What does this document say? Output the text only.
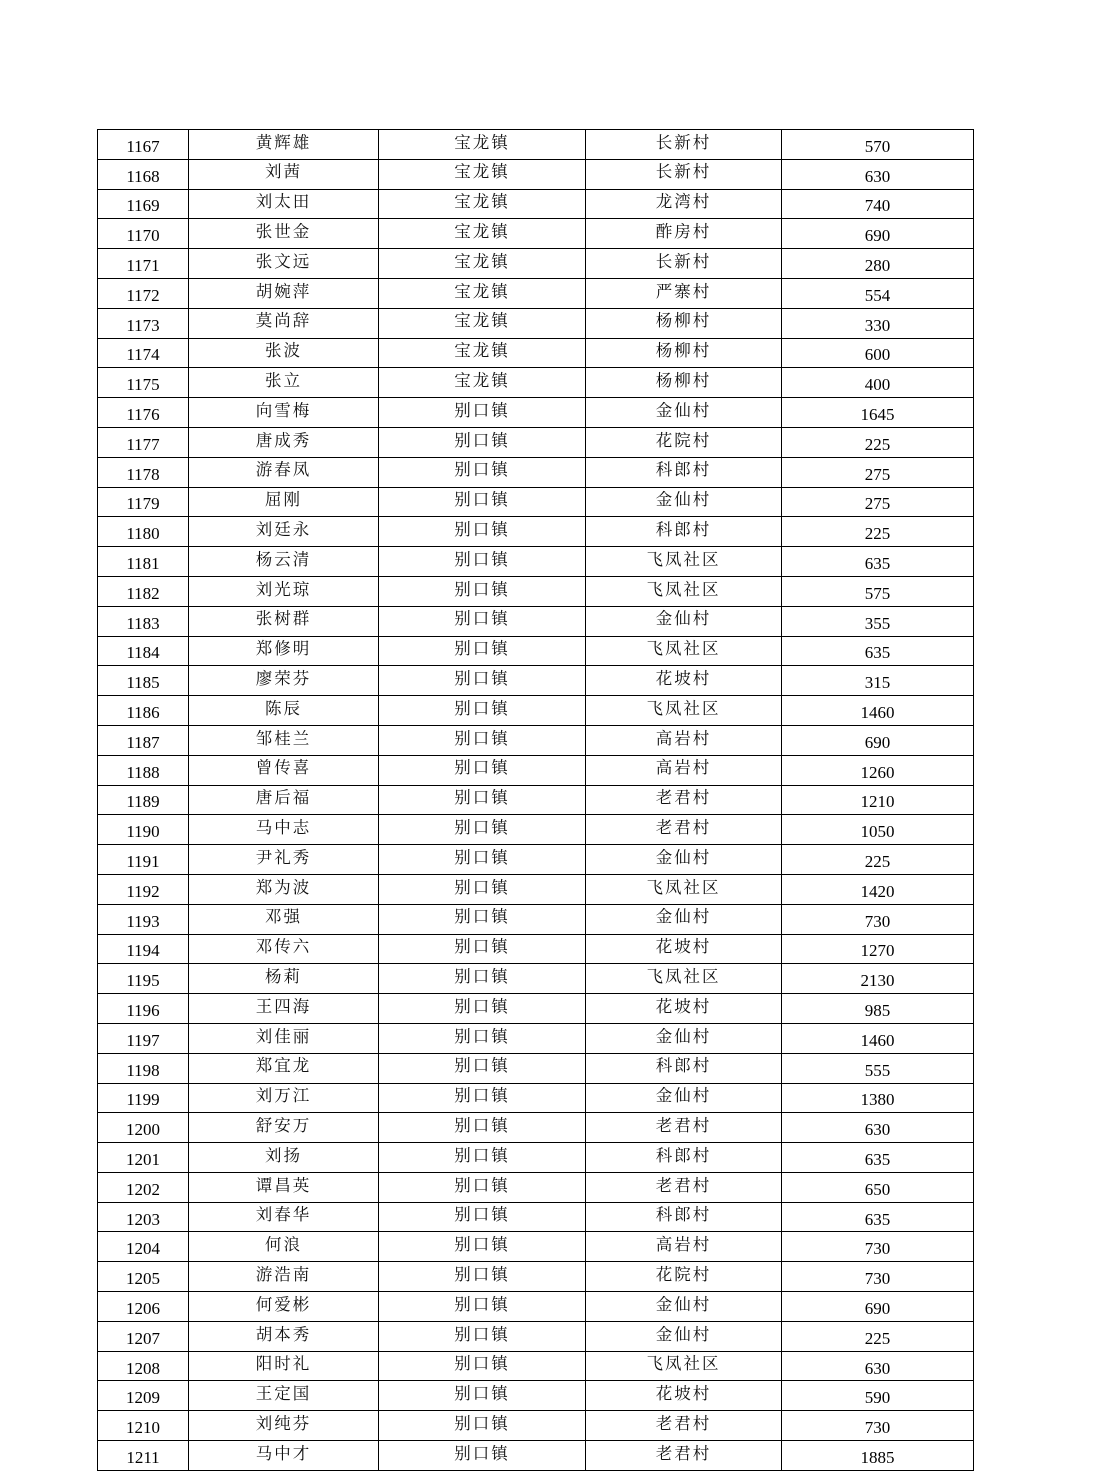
1167	黄辉雄	宝龙镇	长新村	570
1168	刘茜	宝龙镇	长新村	630
1169	刘太田	宝龙镇	龙湾村	740
1170	张世金	宝龙镇	酢房村	690
1171	张文远	宝龙镇	长新村	280
1172	胡婉萍	宝龙镇	严寨村	554
1173	莫尚辞	宝龙镇	杨柳村	330
1174	张波	宝龙镇	杨柳村	600
1175	张立	宝龙镇	杨柳村	400
1176	向雪梅	别口镇	金仙村	1645
1177	唐成秀	别口镇	花院村	225
1178	游春凤	别口镇	科郎村	275
1179	屈刚	别口镇	金仙村	275
1180	刘廷永	别口镇	科郎村	225
1181	杨云清	别口镇	飞凤社区	635
1182	刘光琼	别口镇	飞凤社区	575
1183	张树群	别口镇	金仙村	355
1184	郑修明	别口镇	飞凤社区	635
1185	廖荣芬	别口镇	花坡村	315
1186	陈辰	别口镇	飞凤社区	1460
1187	邹桂兰	别口镇	高岩村	690
1188	曾传喜	别口镇	高岩村	1260
1189	唐后福	别口镇	老君村	1210
1190	马中志	别口镇	老君村	1050
1191	尹礼秀	别口镇	金仙村	225
1192	郑为波	别口镇	飞凤社区	1420
1193	邓强	别口镇	金仙村	730
1194	邓传六	别口镇	花坡村	1270
1195	杨莉	别口镇	飞凤社区	2130
1196	王四海	别口镇	花坡村	985
1197	刘佳丽	别口镇	金仙村	1460
1198	郑宜龙	别口镇	科郎村	555
1199	刘万江	别口镇	金仙村	1380
1200	舒安万	别口镇	老君村	630
1201	刘扬	别口镇	科郎村	635
1202	谭昌英	别口镇	老君村	650
1203	刘春华	别口镇	科郎村	635
1204	何浪	别口镇	高岩村	730
1205	游浩南	别口镇	花院村	730
1206	何爱彬	别口镇	金仙村	690
1207	胡本秀	别口镇	金仙村	225
1208	阳时礼	别口镇	飞凤社区	630
1209	王定国	别口镇	花坡村	590
1210	刘纯芬	别口镇	老君村	730
1211	马中才	别口镇	老君村	1885
